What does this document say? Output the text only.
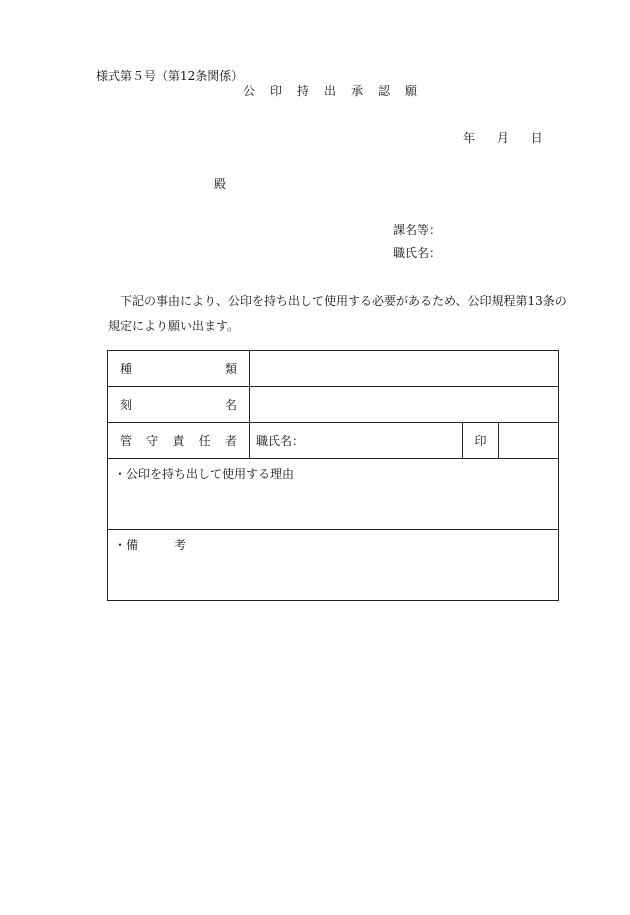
様式第５号（第12条関係）
公印持出承認願
年 月 日
殿
課名等：
職氏名：
下記の事由により、公印を持ち出して使用する必要があるため、公印規程第13条の規定により願い出ます。
種 類			

刻 名			

管 守 責 任 者	職氏名：	印	

・公印を持ち出して使用する理由			

・備　　　考			
